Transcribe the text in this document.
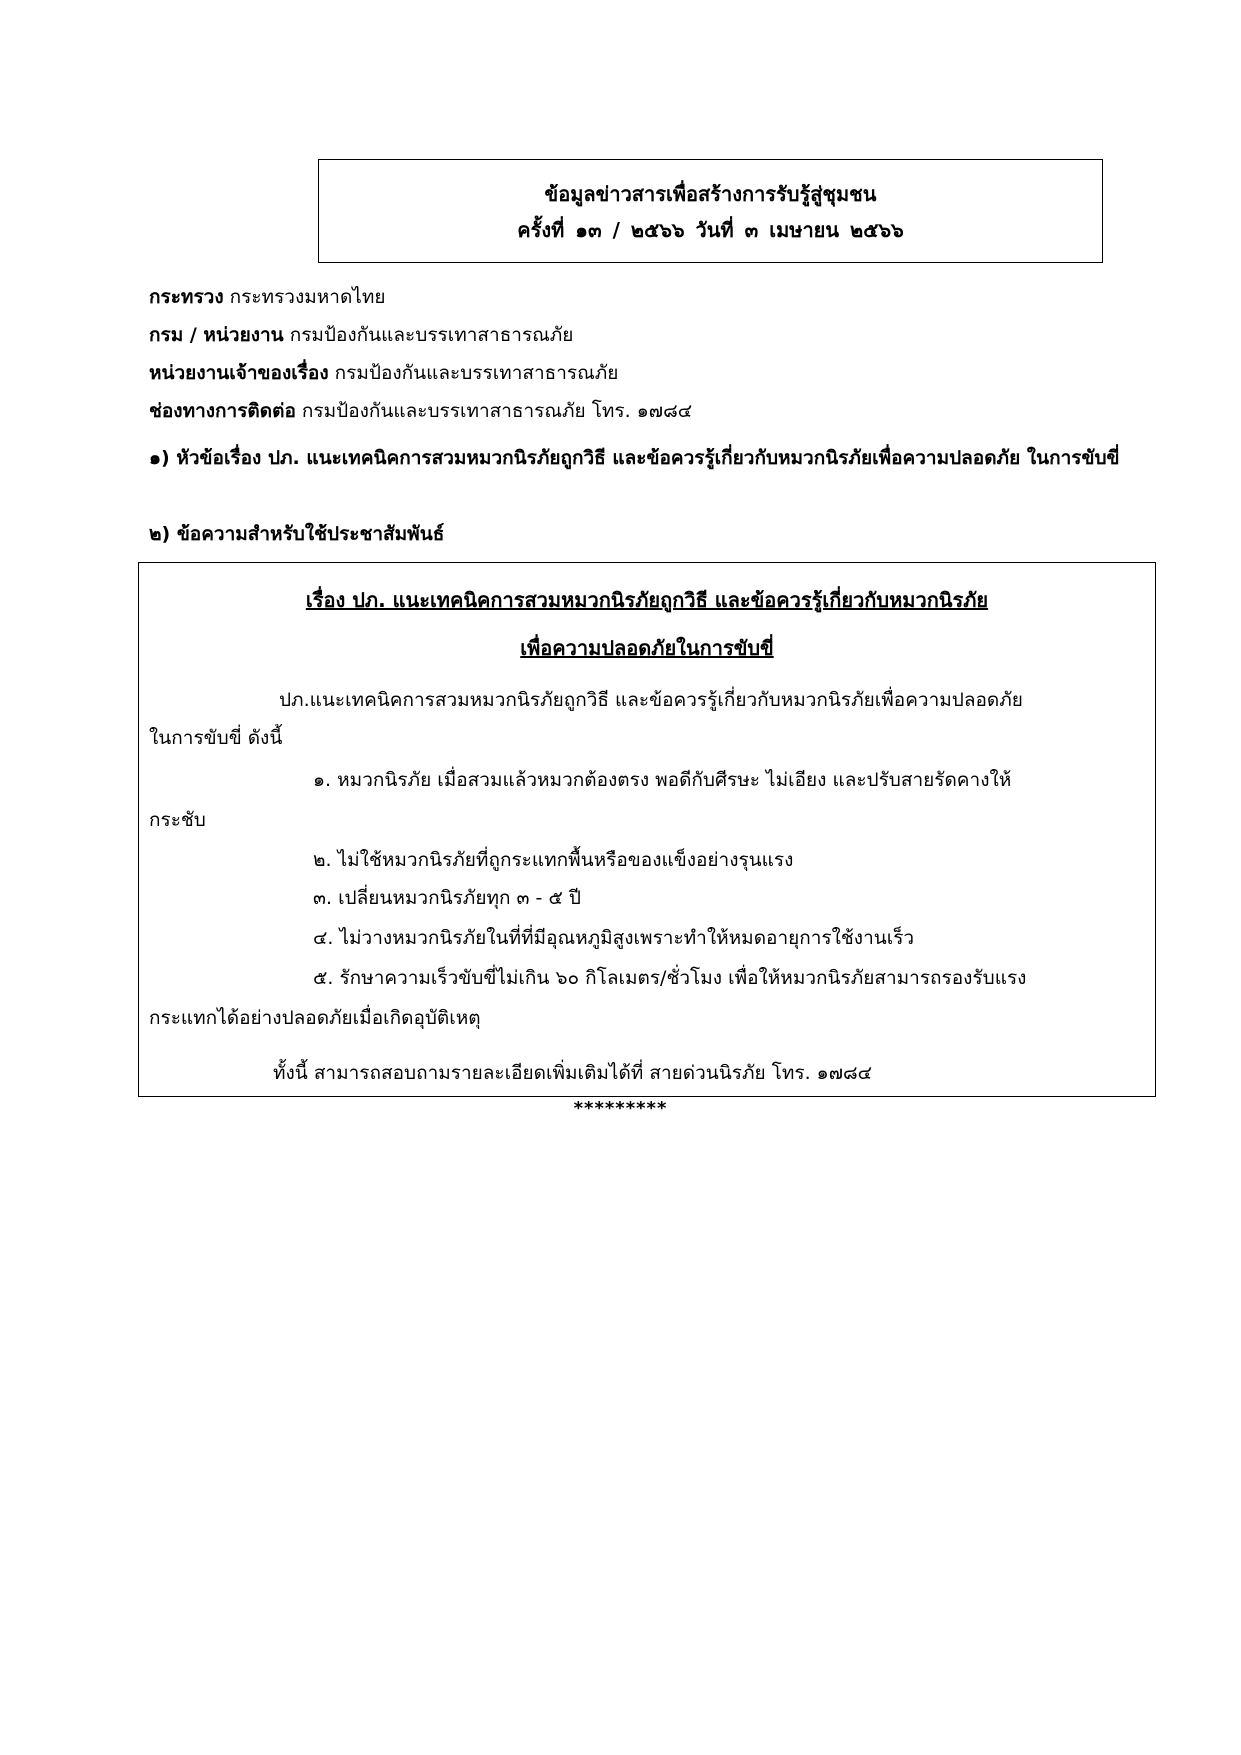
ข้อมูลข่าวสารเพื่อสร้างการรับรู้สู่ชุมชน
ครั้งที่ ๑๓ / ๒๕๖๖ วันที่ ๓ เมษายน ๒๕๖๖
กระทรวง กระทรวงมหาดไทย
กรม / หน่วยงาน กรมป้องกันและบรรเทาสาธารณภัย
หน่วยงานเจ้าของเรื่อง กรมป้องกันและบรรเทาสาธารณภัย
ช่องทางการติดต่อ กรมป้องกันและบรรเทาสาธารณภัย โทร. ๑๗๘๔
๑) หัวข้อเรื่อง ปภ. แนะเทคนิคการสวมหมวกนิรภัยถูกวิธี และข้อควรรู้เกี่ยวกับหมวกนิรภัยเพื่อความปลอดภัย ในการขับขี่
๒) ข้อความสำหรับใช้ประชาสัมพันธ์
เรื่อง ปภ. แนะเทคนิคการสวมหมวกนิรภัยถูกวิธี และข้อควรรู้เกี่ยวกับหมวกนิรภัย
เพื่อความปลอดภัยในการขับขี่
ปภ.แนะเทคนิคการสวมหมวกนิรภัยถูกวิธี และข้อควรรู้เกี่ยวกับหมวกนิรภัยเพื่อความปลอดภัย
ในการขับขี่ ดังนี้
๑. หมวกนิรภัย เมื่อสวมแล้วหมวกต้องตรง พอดีกับศีรษะ ไม่เอียง และปรับสายรัดคางให้
กระชับ
๒. ไม่ใช้หมวกนิรภัยที่ถูกระแทกพื้นหรือของแข็งอย่างรุนแรง
๓. เปลี่ยนหมวกนิรภัยทุก ๓ - ๕ ปี
๔. ไม่วางหมวกนิรภัยในที่ที่มีอุณหภูมิสูงเพราะทำให้หมดอายุการใช้งานเร็ว
๕. รักษาความเร็วขับขี่ไม่เกิน ๖๐ กิโลเมตร/ชั่วโมง เพื่อให้หมวกนิรภัยสามารถรองรับแรง
กระแทกได้อย่างปลอดภัยเมื่อเกิดอุบัติเหตุ
ทั้งนี้ สามารถสอบถามรายละเอียดเพิ่มเติมได้ที่ สายด่วนนิรภัย โทร. ๑๗๘๔
*********
